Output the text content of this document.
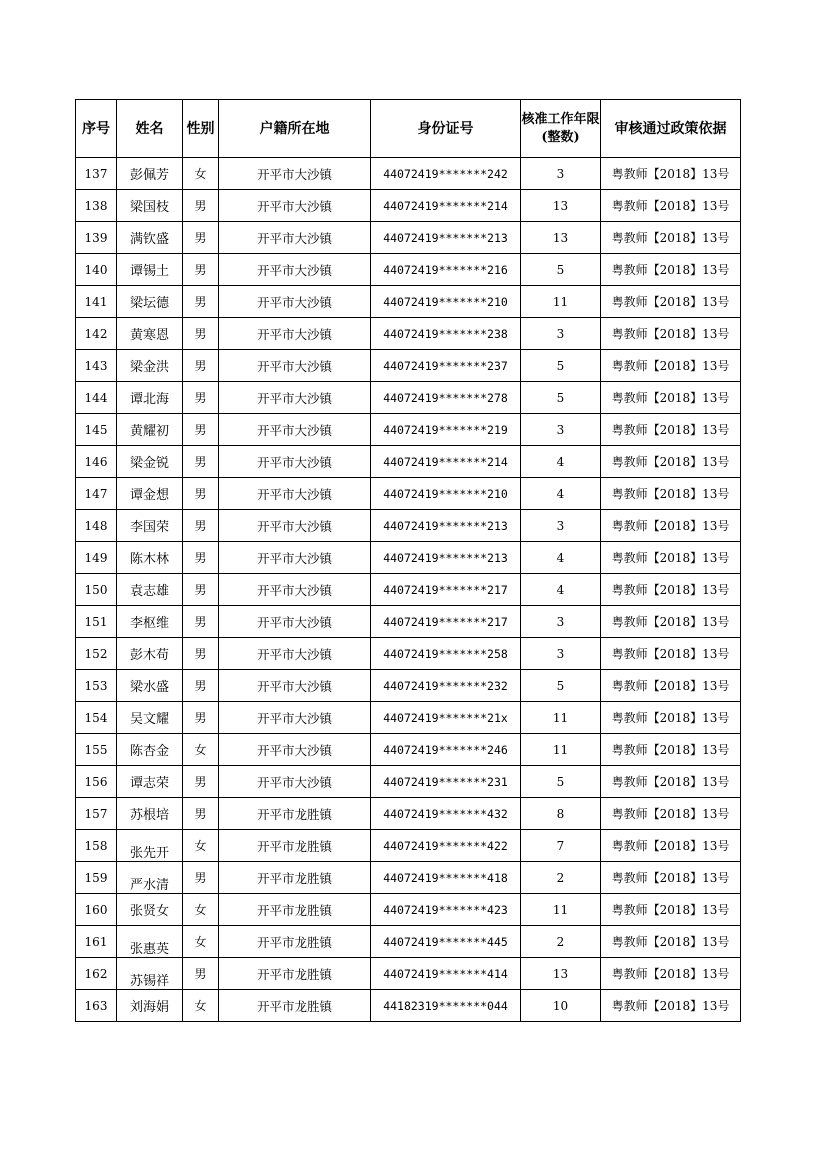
序号	姓名	性别	户籍所在地	身份证号	核准工作年限(整数)	审核通过政策依据
137	彭佩芳	女	开平市大沙镇	44072419*******242	3	粤教师【2018】13号
138	梁国枝	男	开平市大沙镇	44072419*******214	13	粤教师【2018】13号
139	满钦盛	男	开平市大沙镇	44072419*******213	13	粤教师【2018】13号
140	谭锡土	男	开平市大沙镇	44072419*******216	5	粤教师【2018】13号
141	梁坛德	男	开平市大沙镇	44072419*******210	11	粤教师【2018】13号
142	黄寒恩	男	开平市大沙镇	44072419*******238	3	粤教师【2018】13号
143	梁金洪	男	开平市大沙镇	44072419*******237	5	粤教师【2018】13号
144	谭北海	男	开平市大沙镇	44072419*******278	5	粤教师【2018】13号
145	黄耀初	男	开平市大沙镇	44072419*******219	3	粤教师【2018】13号
146	梁金锐	男	开平市大沙镇	44072419*******214	4	粤教师【2018】13号
147	谭金想	男	开平市大沙镇	44072419*******210	4	粤教师【2018】13号
148	李国荣	男	开平市大沙镇	44072419*******213	3	粤教师【2018】13号
149	陈木林	男	开平市大沙镇	44072419*******213	4	粤教师【2018】13号
150	袁志雄	男	开平市大沙镇	44072419*******217	4	粤教师【2018】13号
151	李枢维	男	开平市大沙镇	44072419*******217	3	粤教师【2018】13号
152	彭木苟	男	开平市大沙镇	44072419*******258	3	粤教师【2018】13号
153	梁水盛	男	开平市大沙镇	44072419*******232	5	粤教师【2018】13号
154	吴文耀	男	开平市大沙镇	44072419*******21x	11	粤教师【2018】13号
155	陈杏金	女	开平市大沙镇	44072419*******246	11	粤教师【2018】13号
156	谭志荣	男	开平市大沙镇	44072419*******231	5	粤教师【2018】13号
157	苏根培	男	开平市龙胜镇	44072419*******432	8	粤教师【2018】13号
158	张先开	女	开平市龙胜镇	44072419*******422	7	粤教师【2018】13号
159	严水清	男	开平市龙胜镇	44072419*******418	2	粤教师【2018】13号
160	张贤女	女	开平市龙胜镇	44072419*******423	11	粤教师【2018】13号
161	张惠英	女	开平市龙胜镇	44072419*******445	2	粤教师【2018】13号
162	苏锡祥	男	开平市龙胜镇	44072419*******414	13	粤教师【2018】13号
163	刘海娟	女	开平市龙胜镇	44182319*******044	10	粤教师【2018】13号
